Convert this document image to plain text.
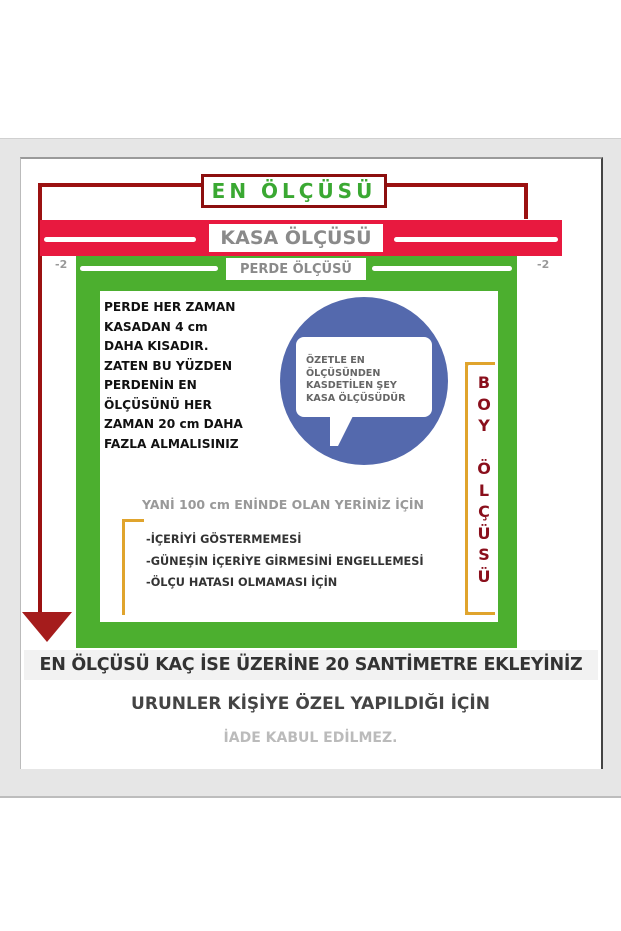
EN ÖLÇÜSÜ
KASA ÖLÇÜSÜ
-2	-2
PERDE ÖLÇÜSÜ
PERDE HER ZAMAN
KASADAN 4 cm
DAHA KISADIR.
ZATEN BU YÜZDEN
PERDENİN EN
ÖLÇÜSÜNÜ HER
ZAMAN 20 cm DAHA
FAZLA ALMALISINIZ
ÖZETLE EN
ÖLÇÜSÜNDEN
KASDETİLEN ŞEY
KASA ÖLÇÜSÜDÜR
B
O
Y
Ö
L
Ç
Ü
S
Ü
YANİ 100 cm ENİNDE OLAN YERİNİZ İÇİN
-İÇERİYİ GÖSTERMEMESİ
-GÜNEŞİN İÇERİYE GİRMESİNİ ENGELLEMESİ
-ÖLÇU HATASI OLMAMASI İÇİN
EN ÖLÇÜSÜ KAÇ İSE ÜZERİNE 20 SANTİMETRE EKLEYİNİZ
URUNLER KİŞİYE ÖZEL YAPILDIĞI İÇİN
İADE KABUL EDİLMEZ.
